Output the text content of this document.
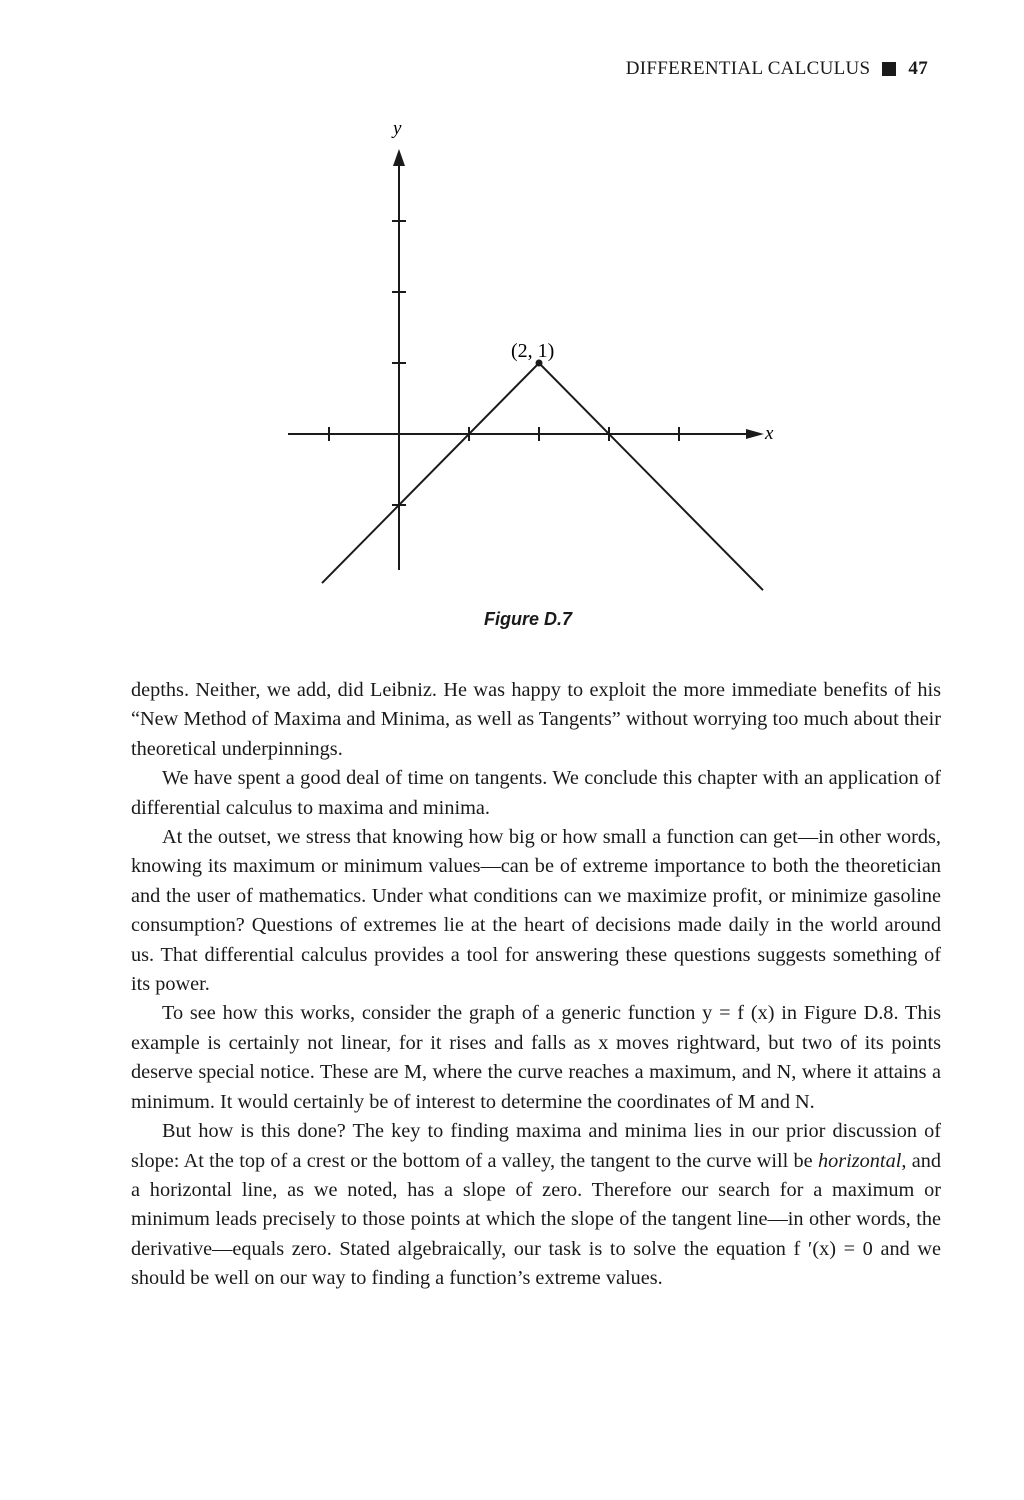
DIFFERENTIAL CALCULUS 47
y
x
(2, 1)
Figure D.7

depths. Neither, we add, did Leibniz. He was happy to exploit the more immediate benefits of his “New Method of Maxima and Minima, as well as Tangents” without worrying too much about their theoretical underpinnings.

We have spent a good deal of time on tangents. We conclude this chapter with an application of differential calculus to maxima and minima.

At the outset, we stress that knowing how big or how small a function can get—in other words, knowing its maximum or minimum values—can be of extreme importance to both the theoretician and the user of mathematics. Under what conditions can we maximize profit, or minimize gasoline consumption? Questions of extremes lie at the heart of decisions made daily in the world around us. That differential calculus provides a tool for answering these questions suggests something of its power.

To see how this works, consider the graph of a generic function y = f (x) in Figure D.8. This example is certainly not linear, for it rises and falls as x moves rightward, but two of its points deserve special notice. These are M, where the curve reaches a maximum, and N, where it attains a minimum. It would certainly be of interest to determine the coordinates of M and N.

But how is this done? The key to finding maxima and minima lies in our prior discussion of slope: At the top of a crest or the bottom of a valley, the tangent to the curve will be horizontal, and a horizontal line, as we noted, has a slope of zero. Therefore our search for a maximum or minimum leads precisely to those points at which the slope of the tangent line—in other words, the derivative—equals zero. Stated algebraically, our task is to solve the equation f ′(x) = 0 and we should be well on our way to finding a function’s extreme values.
